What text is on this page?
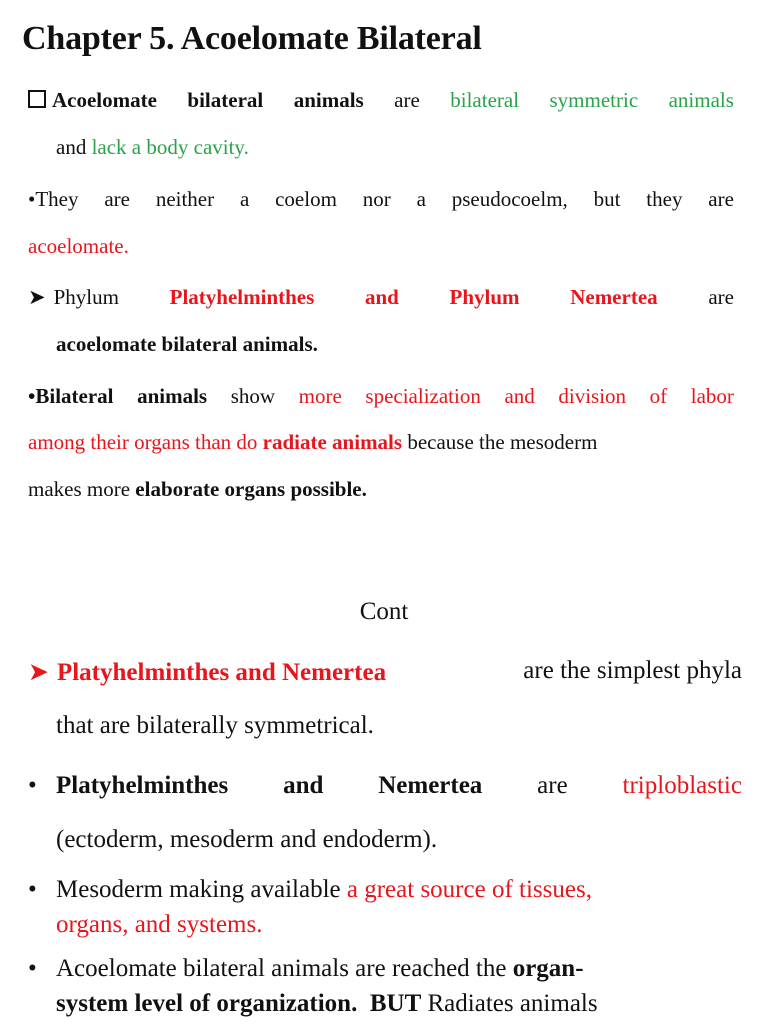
Chapter 5. Acoelomate Bilateral
Acoelomate bilateral animals are bilateral symmetric animals
and lack a body cavity.
•They are neither a coelom nor a pseudocoelm, but they are
acoelomate.
➤ Phylum Platyhelminthes and Phylum Nemertea are
acoelomate bilateral animals.
•Bilateral animals show more specialization and division of labor
among their organs than do radiate animals because the mesoderm
makes more elaborate organs possible.
Cont
➤ Platyhelminthes and Nemertea	are the simplest phyla
that are bilaterally symmetrical.
• Platyhelminthes and Nemertea are triploblastic
(ectoderm, mesoderm and endoderm).
• Mesoderm making available a great source of tissues,
organs, and systems.
• Acoelomate bilateral animals are reached the organ-
system level of organization.  BUT Radiates animals
